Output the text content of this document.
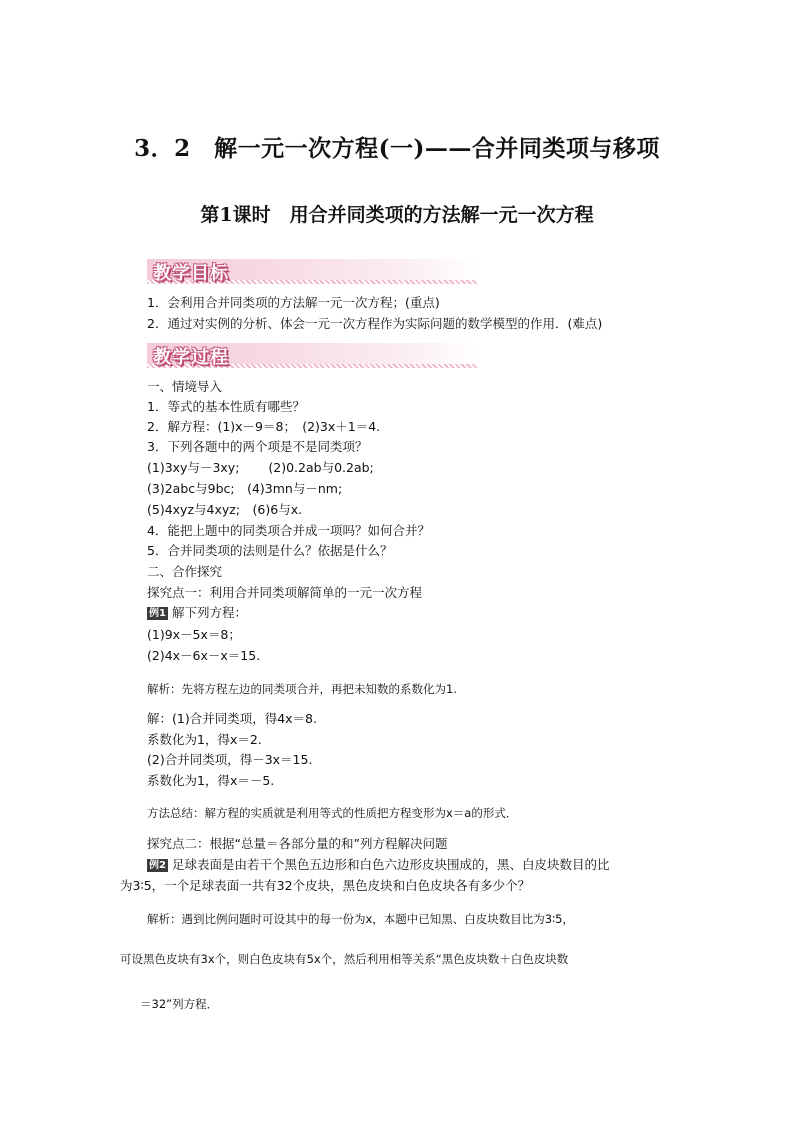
3．2　解一元一次方程(一)——合并同类项与移项
第1课时　用合并同类项的方法解一元一次方程
教学目标
1．会利用合并同类项的方法解一元一次方程；(重点)
2．通过对实例的分析、体会一元一次方程作为实际问题的数学模型的作用．(难点)
教学过程
一、情境导入
1．等式的基本性质有哪些？
2．解方程：(1)x－9＝8；　(2)3x＋1＝4.
3．下列各题中的两个项是不是同类项？
(1)3xy与－3xy;　　 (2)0.2ab与0.2ab;
(3)2abc与9bc;　(4)3mn与－nm;
(5)4xyz与4xyz;　(6)6与x.
4．能把上题中的同类项合并成一项吗？如何合并？
5．合并同类项的法则是什么？依据是什么？
二、合作探究
探究点一：利用合并同类项解简单的一元一次方程
例1 解下列方程：
(1)9x－5x＝8；
(2)4x－6x－x＝15.
解析：先将方程左边的同类项合并，再把未知数的系数化为1.
解：(1)合并同类项，得4x＝8.
系数化为1，得x＝2.
(2)合并同类项，得－3x＝15.
系数化为1，得x＝－5.
方法总结：解方程的实质就是利用等式的性质把方程变形为x＝a的形式．
探究点二：根据“总量＝各部分量的和”列方程解决问题
例2 足球表面是由若干个黑色五边形和白色六边形皮块围成的，黑、白皮块数目的比
为3∶5，一个足球表面一共有32个皮块，黑色皮块和白色皮块各有多少个？
解析：遇到比例问题时可设其中的每一份为x，本题中已知黑、白皮块数目比为3∶5，
可设黑色皮块有3x个，则白色皮块有5x个，然后利用相等关系“黑色皮块数＋白色皮块数
＝32”列方程．
